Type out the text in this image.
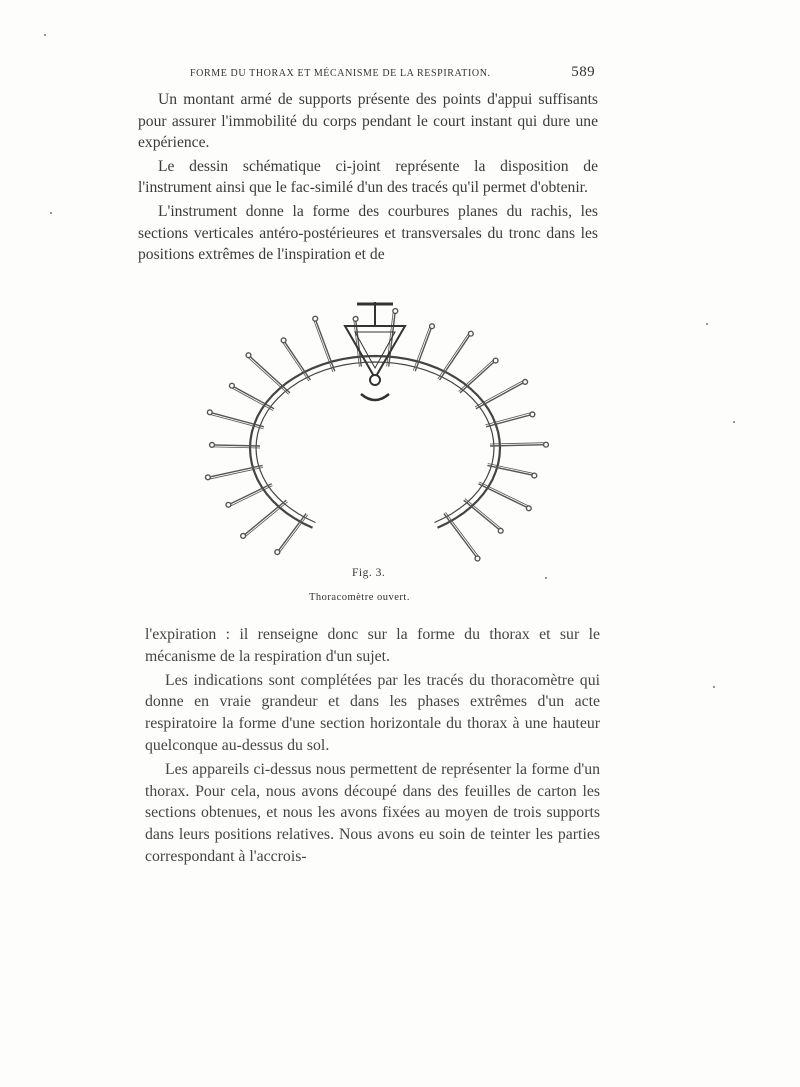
FORME DU THORAX ET MÉCANISME DE LA RESPIRATION.	589

Un montant armé de supports présente des points d'appui suffisants pour assurer l'immobilité du corps pendant le court instant qui dure une expérience.

Le dessin schématique ci-joint représente la disposition de l'instrument ainsi que le fac-similé d'un des tracés qu'il permet d'obtenir.

L'instrument donne la forme des courbures planes du rachis, les sections verticales antéro-postérieures et transversales du tronc dans les positions extrêmes de l'inspiration et de

Fig. 3.
Thoracomètre ouvert.

l'expiration : il renseigne donc sur la forme du thorax et sur le mécanisme de la respiration d'un sujet.

Les indications sont complétées par les tracés du thoracomètre qui donne en vraie grandeur et dans les phases extrêmes d'un acte respiratoire la forme d'une section horizontale du thorax à une hauteur quelconque au-dessus du sol.

Les appareils ci-dessus nous permettent de représenter la forme d'un thorax. Pour cela, nous avons découpé dans des feuilles de carton les sections obtenues, et nous les avons fixées au moyen de trois supports dans leurs positions relatives. Nous avons eu soin de teinter les parties correspondant à l'accrois-
